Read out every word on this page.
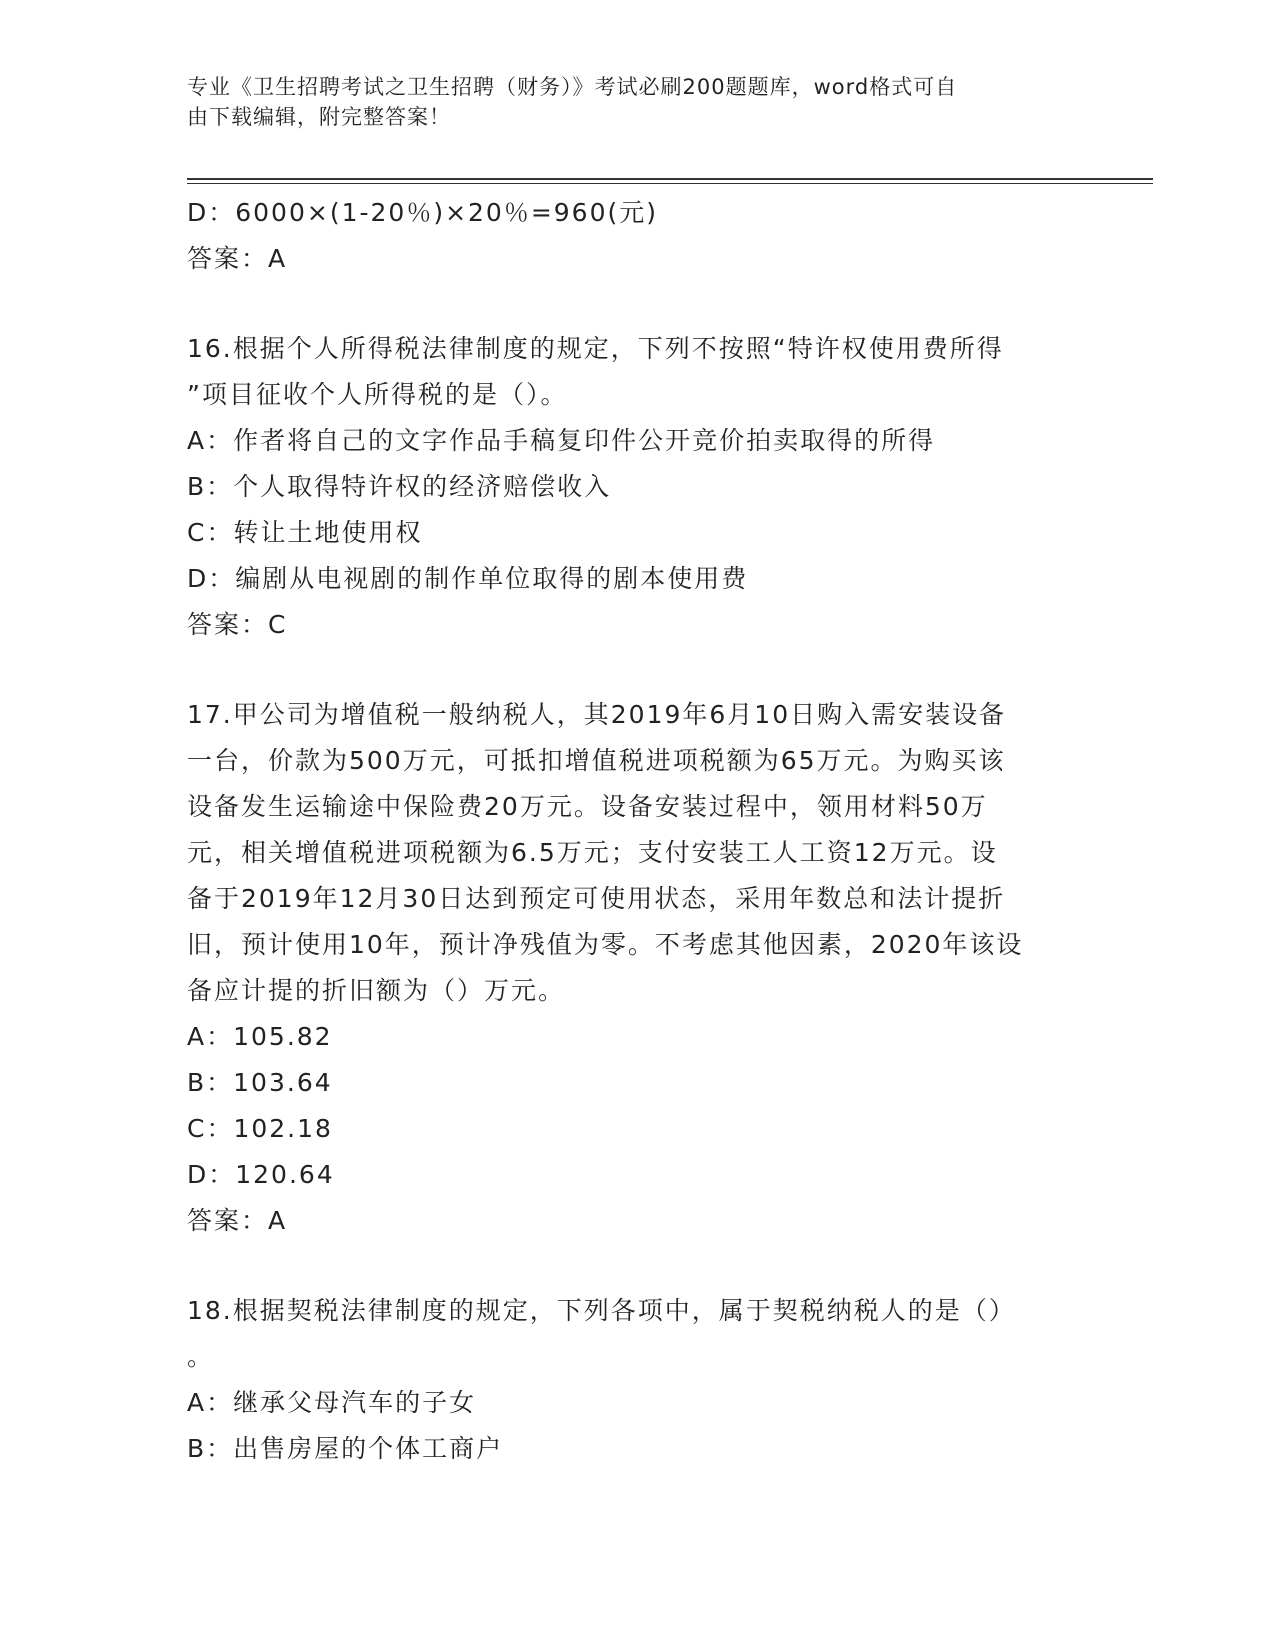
专业《卫生招聘考试之卫生招聘（财务）》考试必刷200题题库，word格式可自
由下载编辑，附完整答案！
D：6000×(1-20％)×20％=960(元)
答案：A
16.根据个人所得税法律制度的规定，下列不按照“特许权使用费所得
”项目征收个人所得税的是（）。
A：作者将自己的文字作品手稿复印件公开竞价拍卖取得的所得
B：个人取得特许权的经济赔偿收入
C：转让土地使用权
D：编剧从电视剧的制作单位取得的剧本使用费
答案：C
17.甲公司为增值税一般纳税人，其2019年6月10日购入需安装设备
一台，价款为500万元，可抵扣增值税进项税额为65万元。为购买该
设备发生运输途中保险费20万元。设备安装过程中，领用材料50万
元，相关增值税进项税额为6.5万元；支付安装工人工资12万元。设
备于2019年12月30日达到预定可使用状态，采用年数总和法计提折
旧，预计使用10年，预计净残值为零。不考虑其他因素，2020年该设
备应计提的折旧额为（）万元。
A：105.82
B：103.64
C：102.18
D：120.64
答案：A
18.根据契税法律制度的规定，下列各项中，属于契税纳税人的是（）
。
A：继承父母汽车的子女
B：出售房屋的个体工商户
